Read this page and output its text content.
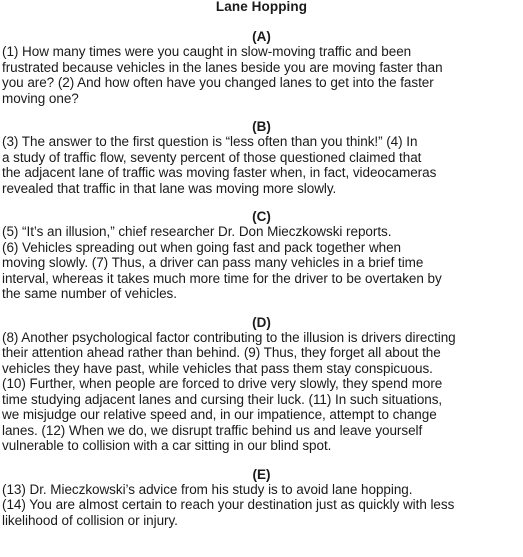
Lane Hopping
(A)
(1) How many times were you caught in slow-moving traffic and been
frustrated because vehicles in the lanes beside you are moving faster than
you are? (2) And how often have you changed lanes to get into the faster
moving one?
(B)
(3) The answer to the first question is “less often than you think!” (4) In
a study of traffic flow, seventy percent of those questioned claimed that
the adjacent lane of traffic was moving faster when, in fact, videocameras
revealed that traffic in that lane was moving more slowly.
(C)
(5) “It’s an illusion,” chief researcher Dr. Don Mieczkowski reports.
(6) Vehicles spreading out when going fast and pack together when
moving slowly. (7) Thus, a driver can pass many vehicles in a brief time
interval, whereas it takes much more time for the driver to be overtaken by
the same number of vehicles.
(D)
(8) Another psychological factor contributing to the illusion is drivers directing
their attention ahead rather than behind. (9) Thus, they forget all about the
vehicles they have past, while vehicles that pass them stay conspicuous.
(10) Further, when people are forced to drive very slowly, they spend more
time studying adjacent lanes and cursing their luck. (11) In such situations,
we misjudge our relative speed and, in our impatience, attempt to change
lanes. (12) When we do, we disrupt traffic behind us and leave yourself
vulnerable to collision with a car sitting in our blind spot.
(E)
(13) Dr. Mieczkowski’s advice from his study is to avoid lane hopping.
(14) You are almost certain to reach your destination just as quickly with less
likelihood of collision or injury.
